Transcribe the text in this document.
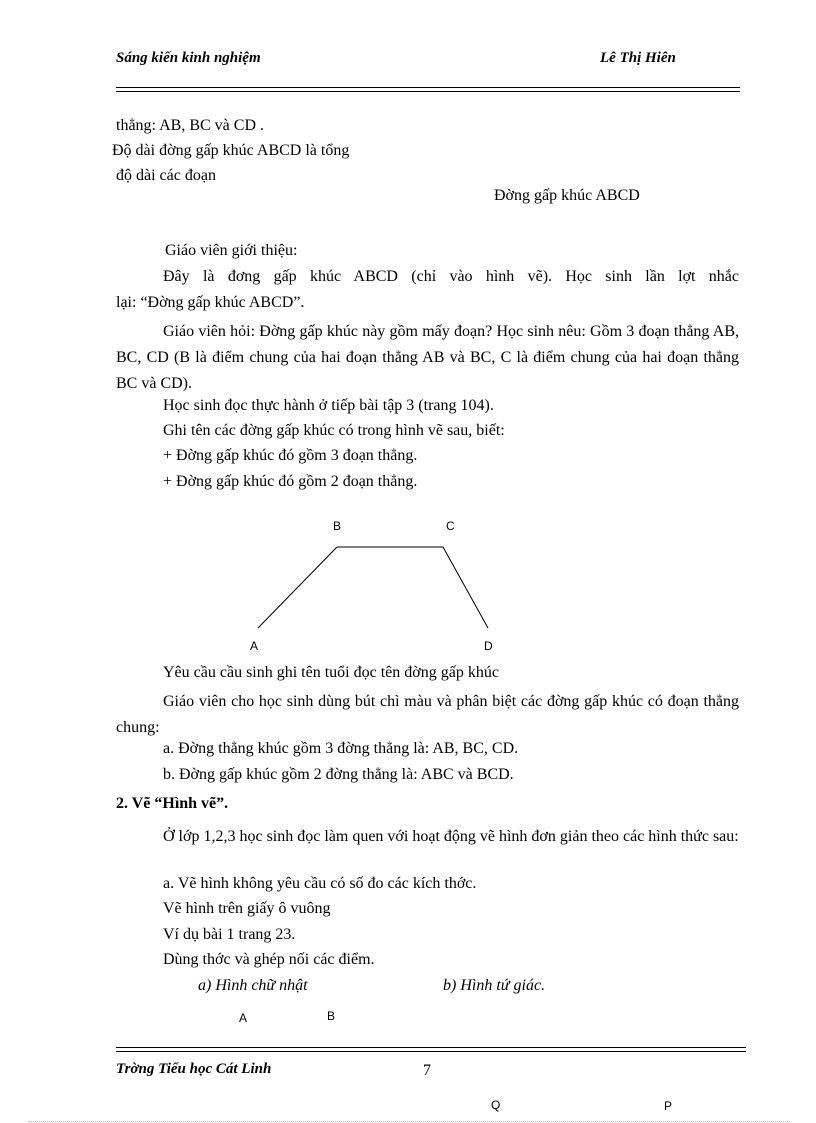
Sáng kiến kinh nghiệm	Lê Thị Hiên
thẳng: AB, BC và CD .
Độ dài đờng gấp khúc ABCD là tổng
độ dài các đoạn
Đờng gấp khúc ABCD
Giáo viên giới thiệu:
Đây là đơng gấp khúc ABCD (chỉ vào hình vẽ). Học sinh lần lợt nhắc
lại: “Đờng gấp khúc ABCD”.
Giáo viên hỏi: Đờng gấp khúc này gồm mấy đoạn? Học sinh nêu: Gồm 3 đoạn thẳng AB, BC, CD (B là điểm chung của hai đoạn thẳng AB và BC, C là điểm chung của hai đoạn thẳng BC và CD).
Học sinh đọc thực hành ở tiếp bài tập 3 (trang 104).
Ghi tên các đờng gấp khúc có trong hình vẽ sau, biết:
+ Đờng gấp khúc đó gồm 3 đoạn thẳng.
+ Đờng gấp khúc đó gồm 2 đoạn thẳng.
B	C
A	D
Yêu cầu cầu sinh ghi tên tuổi đọc tên đờng gấp khúc
Giáo viên cho học sinh dùng bút chì màu và phân biệt các đờng gấp khúc có đoạn thẳng chung:
a. Đờng thẳng khúc gồm 3 đờng thẳng là: AB, BC, CD.
b. Đờng gấp khúc gồm 2 đờng thẳng là: ABC và BCD.
2. Vẽ “Hình vẽ”.
Ở lớp 1,2,3 học sinh đọc làm quen với hoạt động vẽ hình đơn giản theo các hình thức sau:
a. Vẽ hình không yêu cầu có số đo các kích thớc.
Vẽ hình trên giấy ô vuông
Ví dụ bài 1 trang 23.
Dùng thớc và ghép nối các điểm.
a) Hình chữ nhật	b) Hình tứ giác.
A	B
Trờng Tiểu học Cát Linh	7
Q	P
